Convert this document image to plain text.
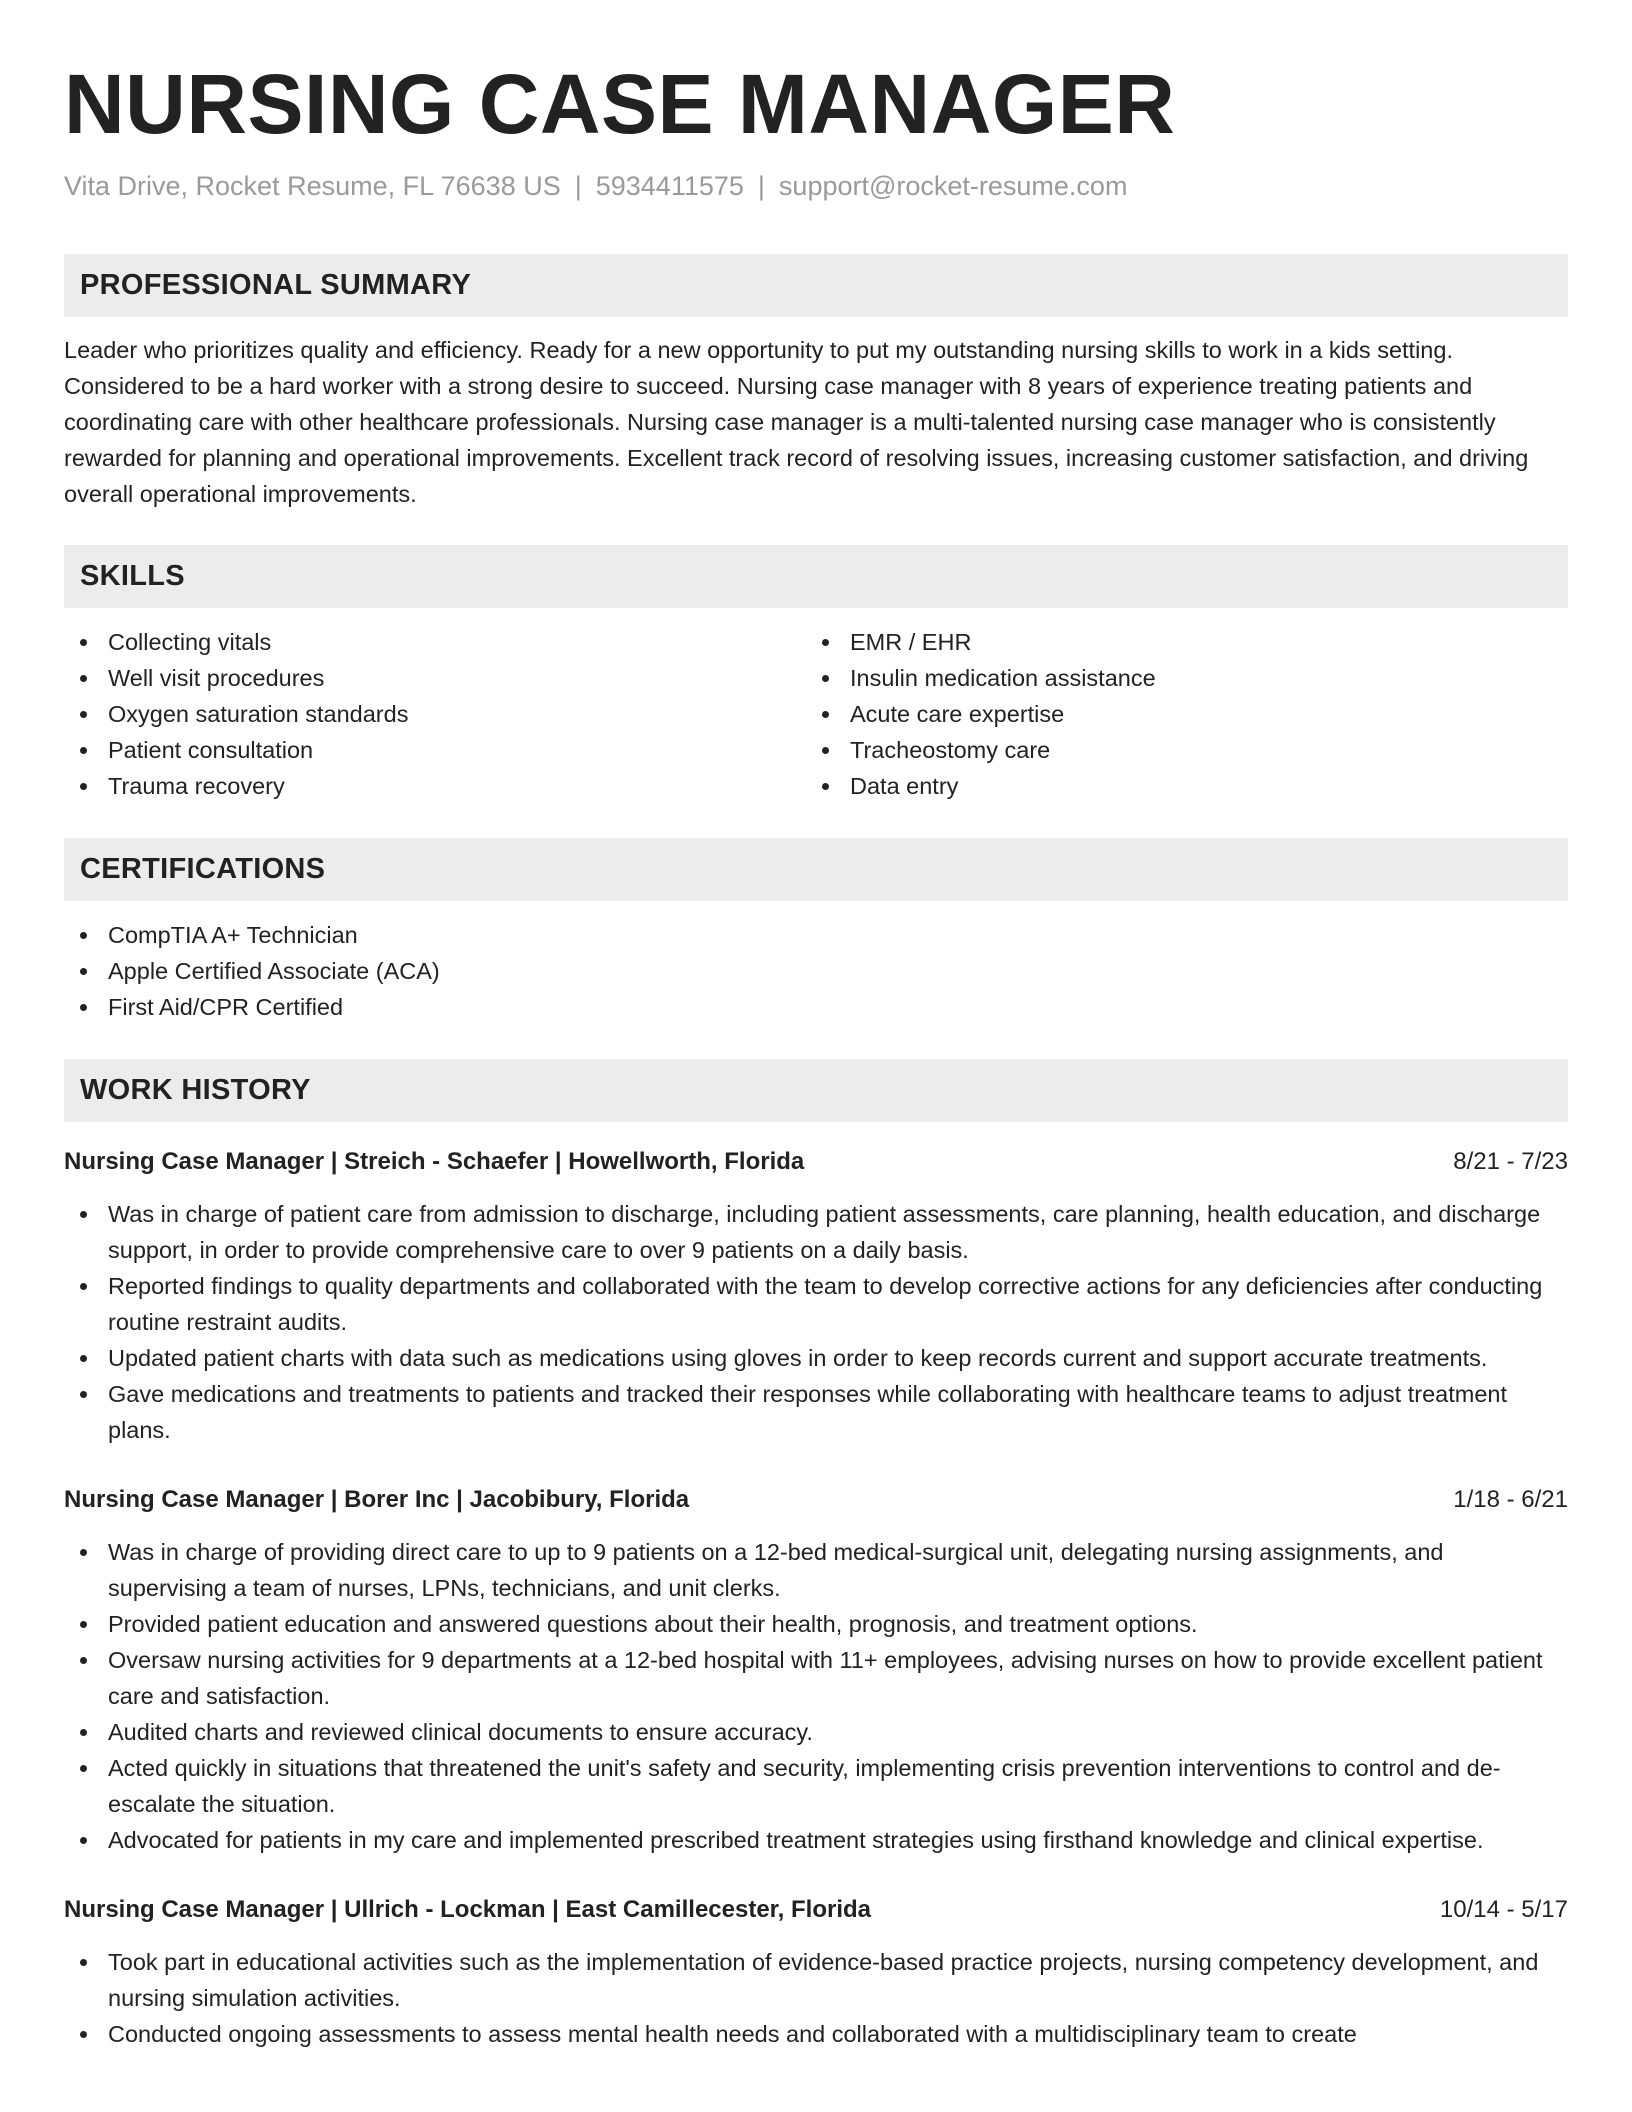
NURSING CASE MANAGER
Vita Drive, Rocket Resume, FL 76638 US | 5934411575 | support@rocket-resume.com
PROFESSIONAL SUMMARY

Leader who prioritizes quality and efficiency. Ready for a new opportunity to put my outstanding nursing skills to work in a kids setting. Considered to be a hard worker with a strong desire to succeed. Nursing case manager with 8 years of experience treating patients and coordinating care with other healthcare professionals. Nursing case manager is a multi-talented nursing case manager who is consistently rewarded for planning and operational improvements. Excellent track record of resolving issues, increasing customer satisfaction, and driving overall operational improvements.

SKILLS
Collecting vitals
Well visit procedures
Oxygen saturation standards
Patient consultation
Trauma recovery
EMR / EHR
Insulin medication assistance
Acute care expertise
Tracheostomy care
Data entry
CERTIFICATIONS
CompTIA A+ Technician
Apple Certified Associate (ACA)
First Aid/CPR Certified
WORK HISTORY
Nursing Case Manager | Streich - Schaefer | Howellworth, Florida	8/21 - 7/23
Was in charge of patient care from admission to discharge, including patient assessments, care planning, health education, and discharge support, in order to provide comprehensive care to over 9 patients on a daily basis.
Reported findings to quality departments and collaborated with the team to develop corrective actions for any deficiencies after conducting routine restraint audits.
Updated patient charts with data such as medications using gloves in order to keep records current and support accurate treatments.
Gave medications and treatments to patients and tracked their responses while collaborating with healthcare teams to adjust treatment plans.
Nursing Case Manager | Borer Inc | Jacobibury, Florida	1/18 - 6/21
Was in charge of providing direct care to up to 9 patients on a 12-bed medical-surgical unit, delegating nursing assignments, and supervising a team of nurses, LPNs, technicians, and unit clerks.
Provided patient education and answered questions about their health, prognosis, and treatment options.
Oversaw nursing activities for 9 departments at a 12-bed hospital with 11+ employees, advising nurses on how to provide excellent patient care and satisfaction.
Audited charts and reviewed clinical documents to ensure accuracy.
Acted quickly in situations that threatened the unit's safety and security, implementing crisis prevention interventions to control and de-escalate the situation.
Advocated for patients in my care and implemented prescribed treatment strategies using firsthand knowledge and clinical expertise.
Nursing Case Manager | Ullrich - Lockman | East Camillecester, Florida	10/14 - 5/17
Took part in educational activities such as the implementation of evidence-based practice projects, nursing competency development, and nursing simulation activities.
Conducted ongoing assessments to assess mental health needs and collaborated with a multidisciplinary team to create
